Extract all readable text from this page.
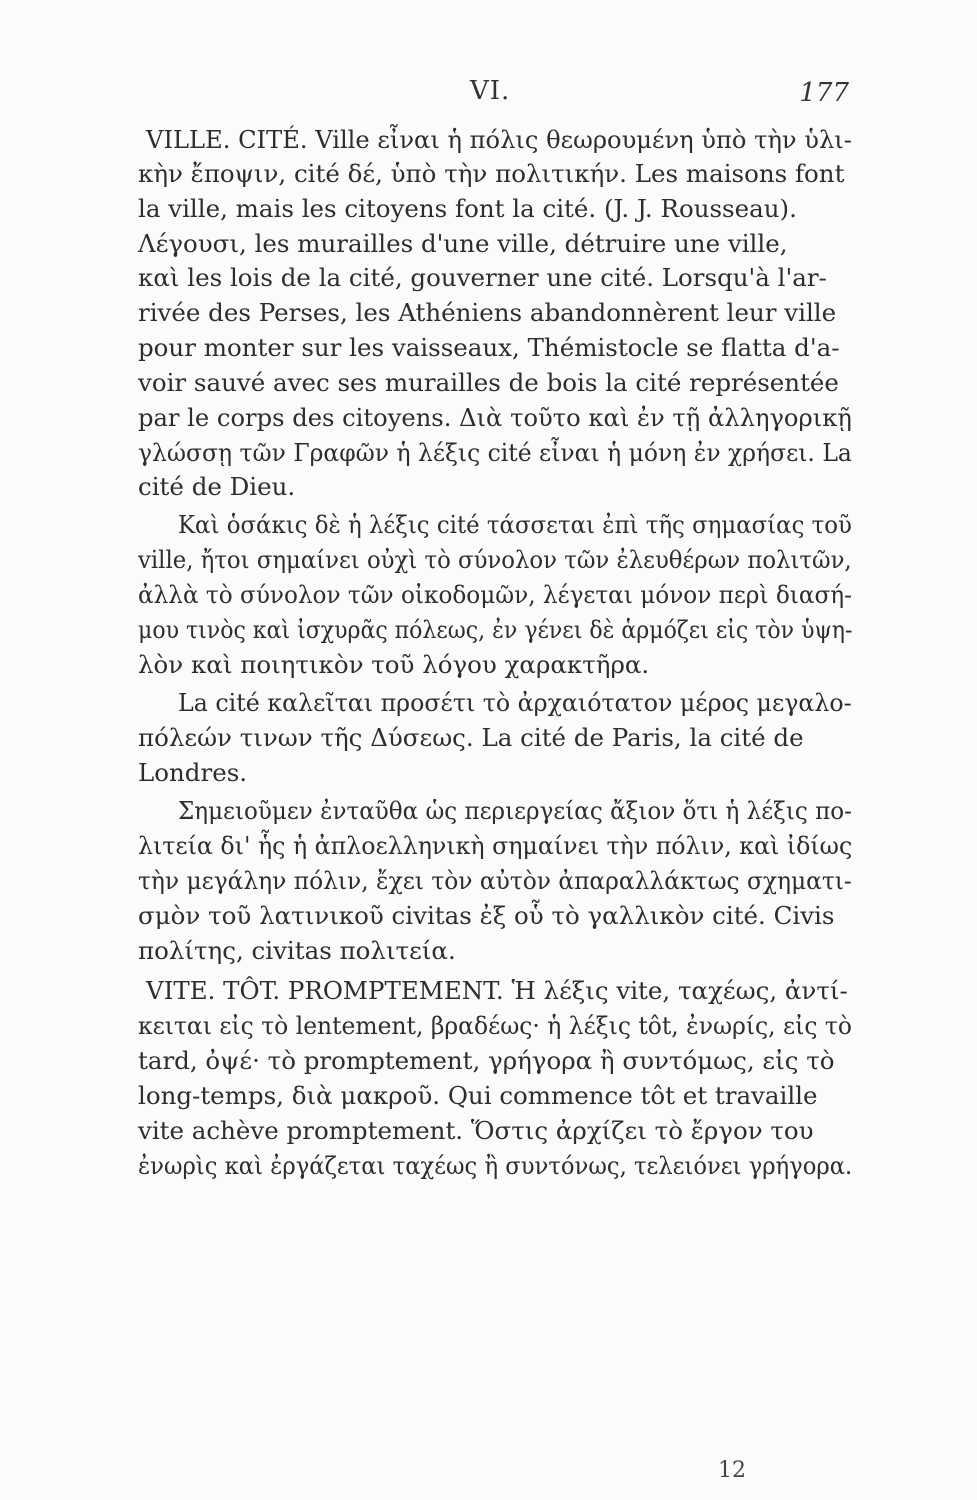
VI.	177
VILLE. CITÉ. Ville εἶναι ἡ πόλις θεωρουμένη ὑπὸ τὴν ὑλι-
κὴν ἔποψιν, cité δέ, ὑπὸ τὴν πολιτικήν. Les maisons font
la ville, mais les citoyens font la cité. (J. J. Rousseau).
Λέγουσι, les murailles d'une ville, détruire une ville,
καὶ les lois de la cité, gouverner une cité. Lorsqu'à l'ar-
rivée des Perses, les Athéniens abandonnèrent leur ville
pour monter sur les vaisseaux, Thémistocle se flatta d'a-
voir sauvé avec ses murailles de bois la cité représentée
par le corps des citoyens. Διὰ τοῦτο καὶ ἐν τῇ ἀλληγορικῇ
γλώσσῃ τῶν Γραφῶν ἡ λέξις cité εἶναι ἡ μόνη ἐν χρήσει. La
cité de Dieu.
Καὶ ὁσάκις δὲ ἡ λέξις cité τάσσεται ἐπὶ τῆς σημασίας τοῦ
ville, ἤτοι σημαίνει οὐχὶ τὸ σύνολον τῶν ἐλευθέρων πολιτῶν,
ἀλλὰ τὸ σύνολον τῶν οἰκοδομῶν, λέγεται μόνον περὶ διασή-
μου τινὸς καὶ ἰσχυρᾶς πόλεως, ἐν γένει δὲ ἁρμόζει εἰς τὸν ὑψη-
λὸν καὶ ποιητικὸν τοῦ λόγου χαρακτῆρα.
La cité καλεῖται προσέτι τὸ ἀρχαιότατον μέρος μεγαλο-
πόλεών τινων τῆς Δύσεως. La cité de Paris, la cité de
Londres.
Σημειοῦμεν ἐνταῦθα ὡς περιεργείας ἄξιον ὅτι ἡ λέξις πο-
λιτεία δι' ἧς ἡ ἀπλοελληνικὴ σημαίνει τὴν πόλιν, καὶ ἰδίως
τὴν μεγάλην πόλιν, ἔχει τὸν αὐτὸν ἀπαραλλάκτως σχηματι-
σμὸν τοῦ λατινικοῦ civitas ἐξ οὗ τὸ γαλλικὸν cité. Civis
πολίτης, civitas πολιτεία.
VITE. TÔT. PROMPTEMENT. Ἡ λέξις vite, ταχέως, ἀντί-
κειται εἰς τὸ lentement, βραδέως· ἡ λέξις tôt, ἐνωρίς, εἰς τὸ
tard, ὀψέ· τὸ promptement, γρήγορα ἢ συντόμως, εἰς τὸ
long-temps, διὰ μακροῦ. Qui commence tôt et travaille
vite achève promptement. Ὅστις ἀρχίζει τὸ ἔργον του
ἐνωρὶς καὶ ἐργάζεται ταχέως ἢ συντόνως, τελειόνει γρήγορα.
12
